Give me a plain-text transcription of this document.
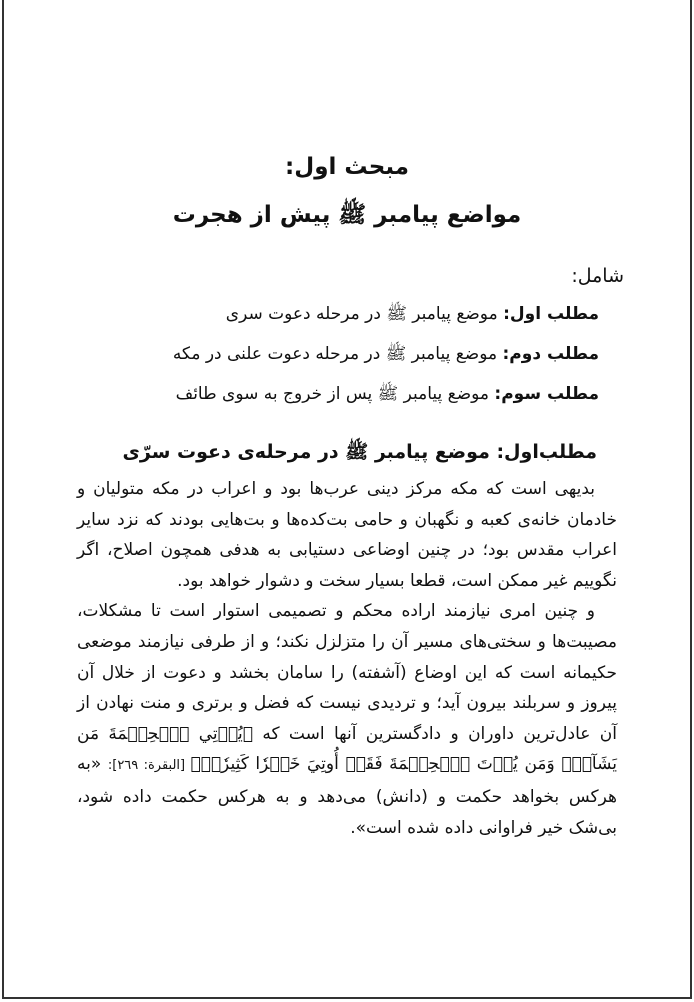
مبحث اول:
مواضع پیامبر ﷺ پیش از هجرت
شامل:
مطلب اول: موضع پیامبر ﷺ در مرحله دعوت سری
مطلب دوم: موضع پیامبر ﷺ در مرحله دعوت علنی در مکه
مطلب سوم: موضع پیامبر ﷺ پس از خروج به سوی طائف
مطلب‌اول: موضع پیامبر ﷺ در مرحله‌ی دعوت سرّی

بدیهی است که مکه مرکز دینی عرب‌ها بود و اعراب در مکه متولیان و خادمان خانه‌ی کعبه و نگهبان و حامی بت‌کده‌ها و بت‌هایی بودند که نزد سایر اعراب مقدس بود؛ در چنین اوضاعی دستیابی به هدفی همچون اصلاح، اگر نگوییم غیر ممکن است، قطعا بسیار سخت و دشوار خواهد بود.

و چنین امری نیازمند اراده محکم و تصمیمی استوار است تا مشکلات، مصیبت‌ها و سختی‌های مسیر آن را متزلزل نکند؛ و از طرفی نیازمند موضعی حکیمانه است که این اوضاع (آشفته) را سامان بخشد و دعوت از خلال آن پیروز و سربلند بیرون آید؛ و تردیدی نیست که فضل و برتری و منت نهادن از آن عادل‌ترین داوران و دادگسترین آنها است که ﴿يُؤۡتِي ٱلۡحِكۡمَةَ مَن يَشَآءُۚ وَمَن يُؤۡتَ ٱلۡحِكۡمَةَ فَقَدۡ أُوتِيَ خَيۡرٗا كَثِيرٗاۗ﴾ [البقرة: ٢٦٩]: «به هرکس بخواهد حکمت و (دانش) می‌دهد و به هرکس حکمت داده شود، بی‌شک خیر فراوانی داده شده است».
